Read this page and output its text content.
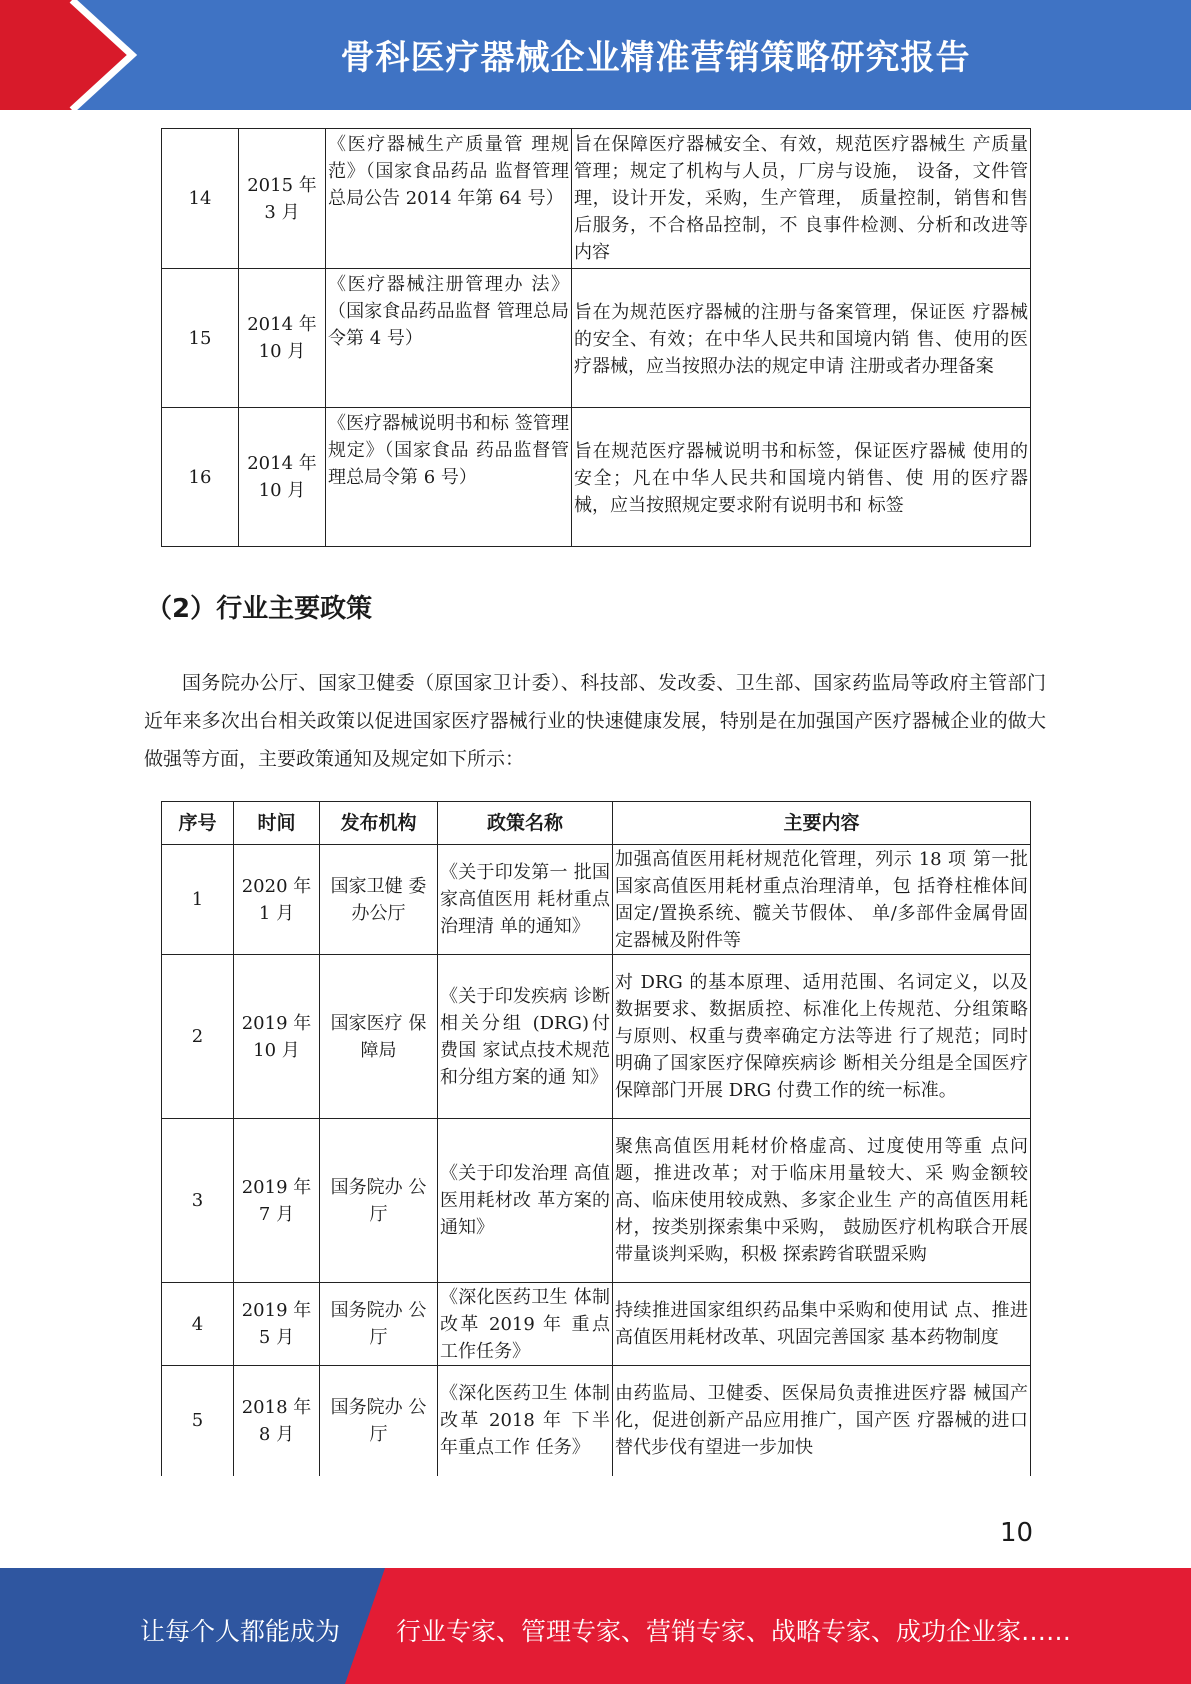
骨科医疗器械企业精准营销策略研究报告
14	2015 年 3 月	《医疗器械生产质量管 理规范》（国家食品药品 监督管理总局公告 2014 年第 64 号）	旨在保障医疗器械安全、有效，规范医疗器械生 产质量管理；规定了机构与人员，厂房与设施， 设备，文件管理，设计开发，采购，生产管理， 质量控制，销售和售后服务，不合格品控制，不 良事件检测、分析和改进等内容
15	2014 年 10 月	《医疗器械注册管理办 法》（国家食品药品监督 管理总局令第 4 号）	旨在为规范医疗器械的注册与备案管理，保证医 疗器械的安全、有效；在中华人民共和国境内销 售、使用的医疗器械，应当按照办法的规定申请 注册或者办理备案
16	2014 年 10 月	《医疗器械说明书和标 签管理规定》（国家食品 药品监督管理总局令第 6 号）	旨在规范医疗器械说明书和标签，保证医疗器械 使用的安全；凡在中华人民共和国境内销售、使 用的医疗器械，应当按照规定要求附有说明书和 标签
（2）行业主要政策
国务院办公厅、国家卫健委（原国家卫计委）、科技部、发改委、卫生部、国家药监局等政府主管部门近年来多次出台相关政策以促进国家医疗器械行业的快速健康发展，特别是在加强国产医疗器械企业的做大做强等方面，主要政策通知及规定如下所示：
序号	时间	发布机构	政策名称	主要内容
1	2020 年 1 月	国家卫健 委办公厅	《关于印发第一 批国家高值医用 耗材重点治理清 单的通知》	加强高值医用耗材规范化管理，列示 18 项 第一批国家高值医用耗材重点治理清单，包 括脊柱椎体间固定/置换系统、髋关节假体、 单/多部件金属骨固定器械及附件等
2	2019 年 10 月	国家医疗 保障局	《关于印发疾病 诊断相关分组 (DRG)付费国 家试点技术规范 和分组方案的通 知》	对 DRG 的基本原理、适用范围、名词定义，以及数据要求、数据质控、标准化上传规范、分组策略与原则、权重与费率确定方法等进 行了规范；同时明确了国家医疗保障疾病诊 断相关分组是全国医疗保障部门开展 DRG 付费工作的统一标准。
3	2019 年 7 月	国务院办 公厅	《关于印发治理 高值医用耗材改 革方案的通知》	聚焦高值医用耗材价格虚高、过度使用等重 点问题，推进改革；对于临床用量较大、采 购金额较高、临床使用较成熟、多家企业生 产的高值医用耗材，按类别探索集中采购， 鼓励医疗机构联合开展带量谈判采购，积极 探索跨省联盟采购
4	2019 年 5 月	国务院办 公厅	《深化医药卫生 体制改革 2019 年 重点工作任务》	持续推进国家组织药品集中采购和使用试 点、推进高值医用耗材改革、巩固完善国家 基本药物制度
5	2018 年 8 月	国务院办 公厅	《深化医药卫生 体制改革 2018 年 下半年重点工作 任务》	由药监局、卫健委、医保局负责推进医疗器 械国产化，促进创新产品应用推广，国产医 疗器械的进口替代步伐有望进一步加快
10
让每个人都能成为 行业专家、管理专家、营销专家、战略专家、成功企业家……
